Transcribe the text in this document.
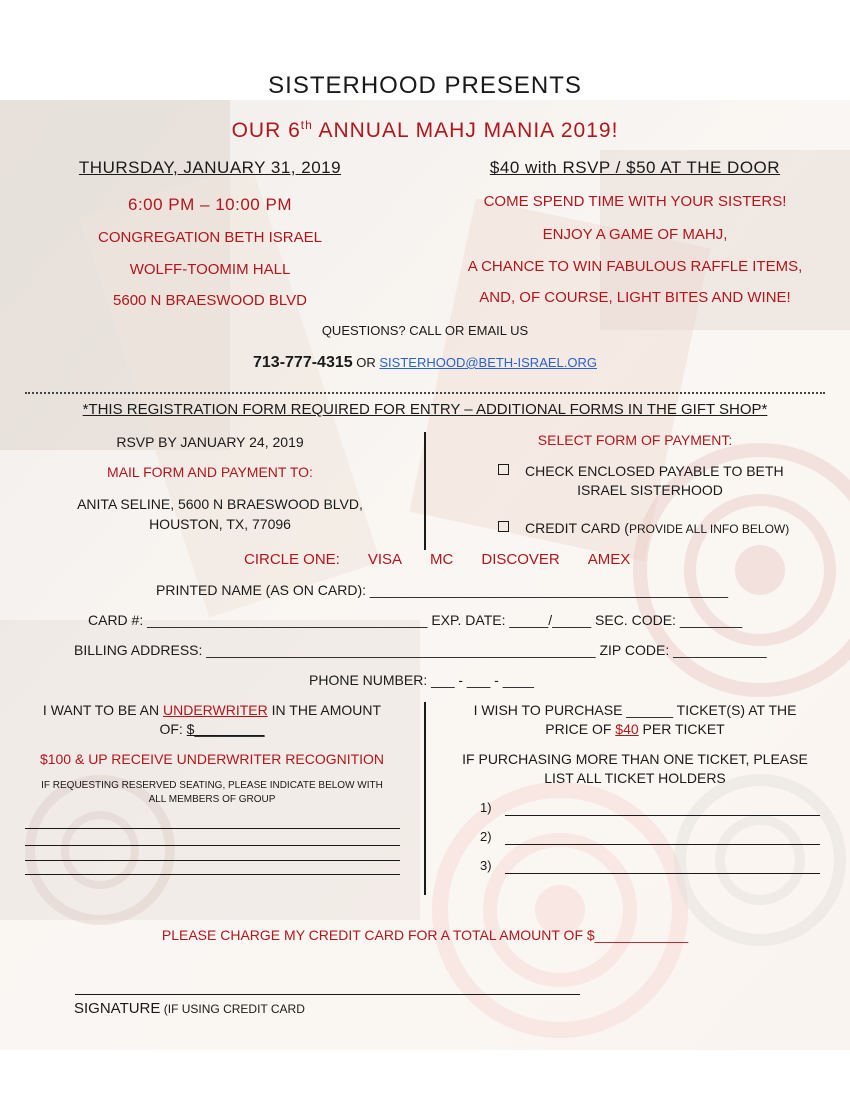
SISTERHOOD PRESENTS
OUR 6th ANNUAL MAHJ MANIA 2019!
THURSDAY, JANUARY 31, 2019
6:00 PM – 10:00 PM
CONGREGATION BETH ISRAEL
WOLFF-TOOMIM HALL
5600 N BRAESWOOD BLVD
$40 with RSVP / $50 AT THE DOOR
COME SPEND TIME WITH YOUR SISTERS!
ENJOY A GAME OF MAHJ,
A CHANCE TO WIN FABULOUS RAFFLE ITEMS,
AND, OF COURSE, LIGHT BITES AND WINE!
QUESTIONS? CALL OR EMAIL US
713-777-4315 OR SISTERHOOD@BETH-ISRAEL.ORG
*THIS REGISTRATION FORM REQUIRED FOR ENTRY – ADDITIONAL FORMS IN THE GIFT SHOP*
RSVP BY JANUARY 24, 2019
MAIL FORM AND PAYMENT TO:
ANITA SELINE, 5600 N BRAESWOOD BLVD,
HOUSTON, TX, 77096
SELECT FORM OF PAYMENT:
CHECK ENCLOSED PAYABLE TO BETH
ISRAEL SISTERHOOD
CREDIT CARD (PROVIDE ALL INFO BELOW)
CIRCLE ONE: VISA MC DISCOVER AMEX
PRINTED NAME (AS ON CARD): ______________________________________________
CARD #: ____________________________________ EXP. DATE: _____/_____ SEC. CODE: ________
BILLING ADDRESS: __________________________________________________ ZIP CODE: ____________
PHONE NUMBER: ___ - ___ - ____
I WANT TO BE AN UNDERWRITER IN THE AMOUNT
OF: $_________
$100 & UP RECEIVE UNDERWRITER RECOGNITION
IF REQUESTING RESERVED SEATING, PLEASE INDICATE BELOW WITH
ALL MEMBERS OF GROUP
I WISH TO PURCHASE ______ TICKET(S) AT THE
PRICE OF $40 PER TICKET
IF PURCHASING MORE THAN ONE TICKET, PLEASE
LIST ALL TICKET HOLDERS
1)
2)
3)
PLEASE CHARGE MY CREDIT CARD FOR A TOTAL AMOUNT OF $____________
SIGNATURE (IF USING CREDIT CARD
